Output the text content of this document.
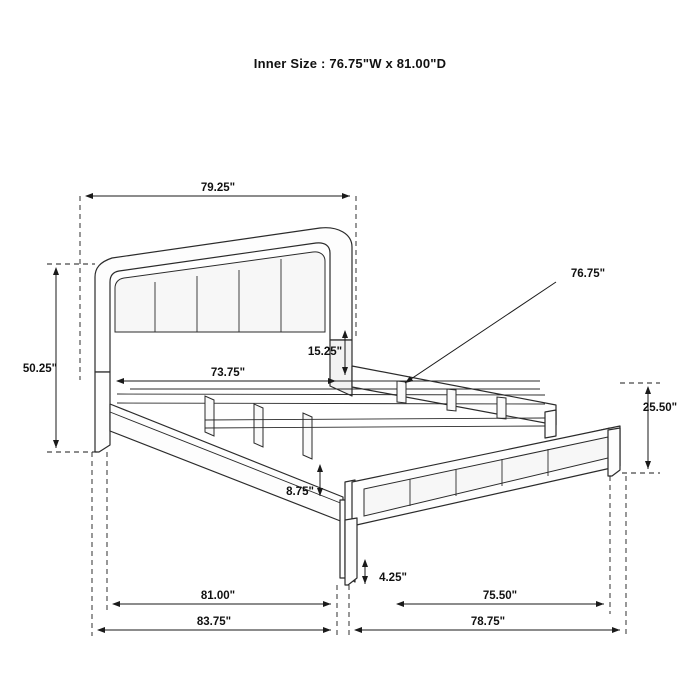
Inner Size : 76.75"W x 81.00"D
79.25"
50.25"	73.75"
15.25"
76.75"
25.50"
8.75"
4.25"
81.00"	75.50"
83.75"	78.75"
